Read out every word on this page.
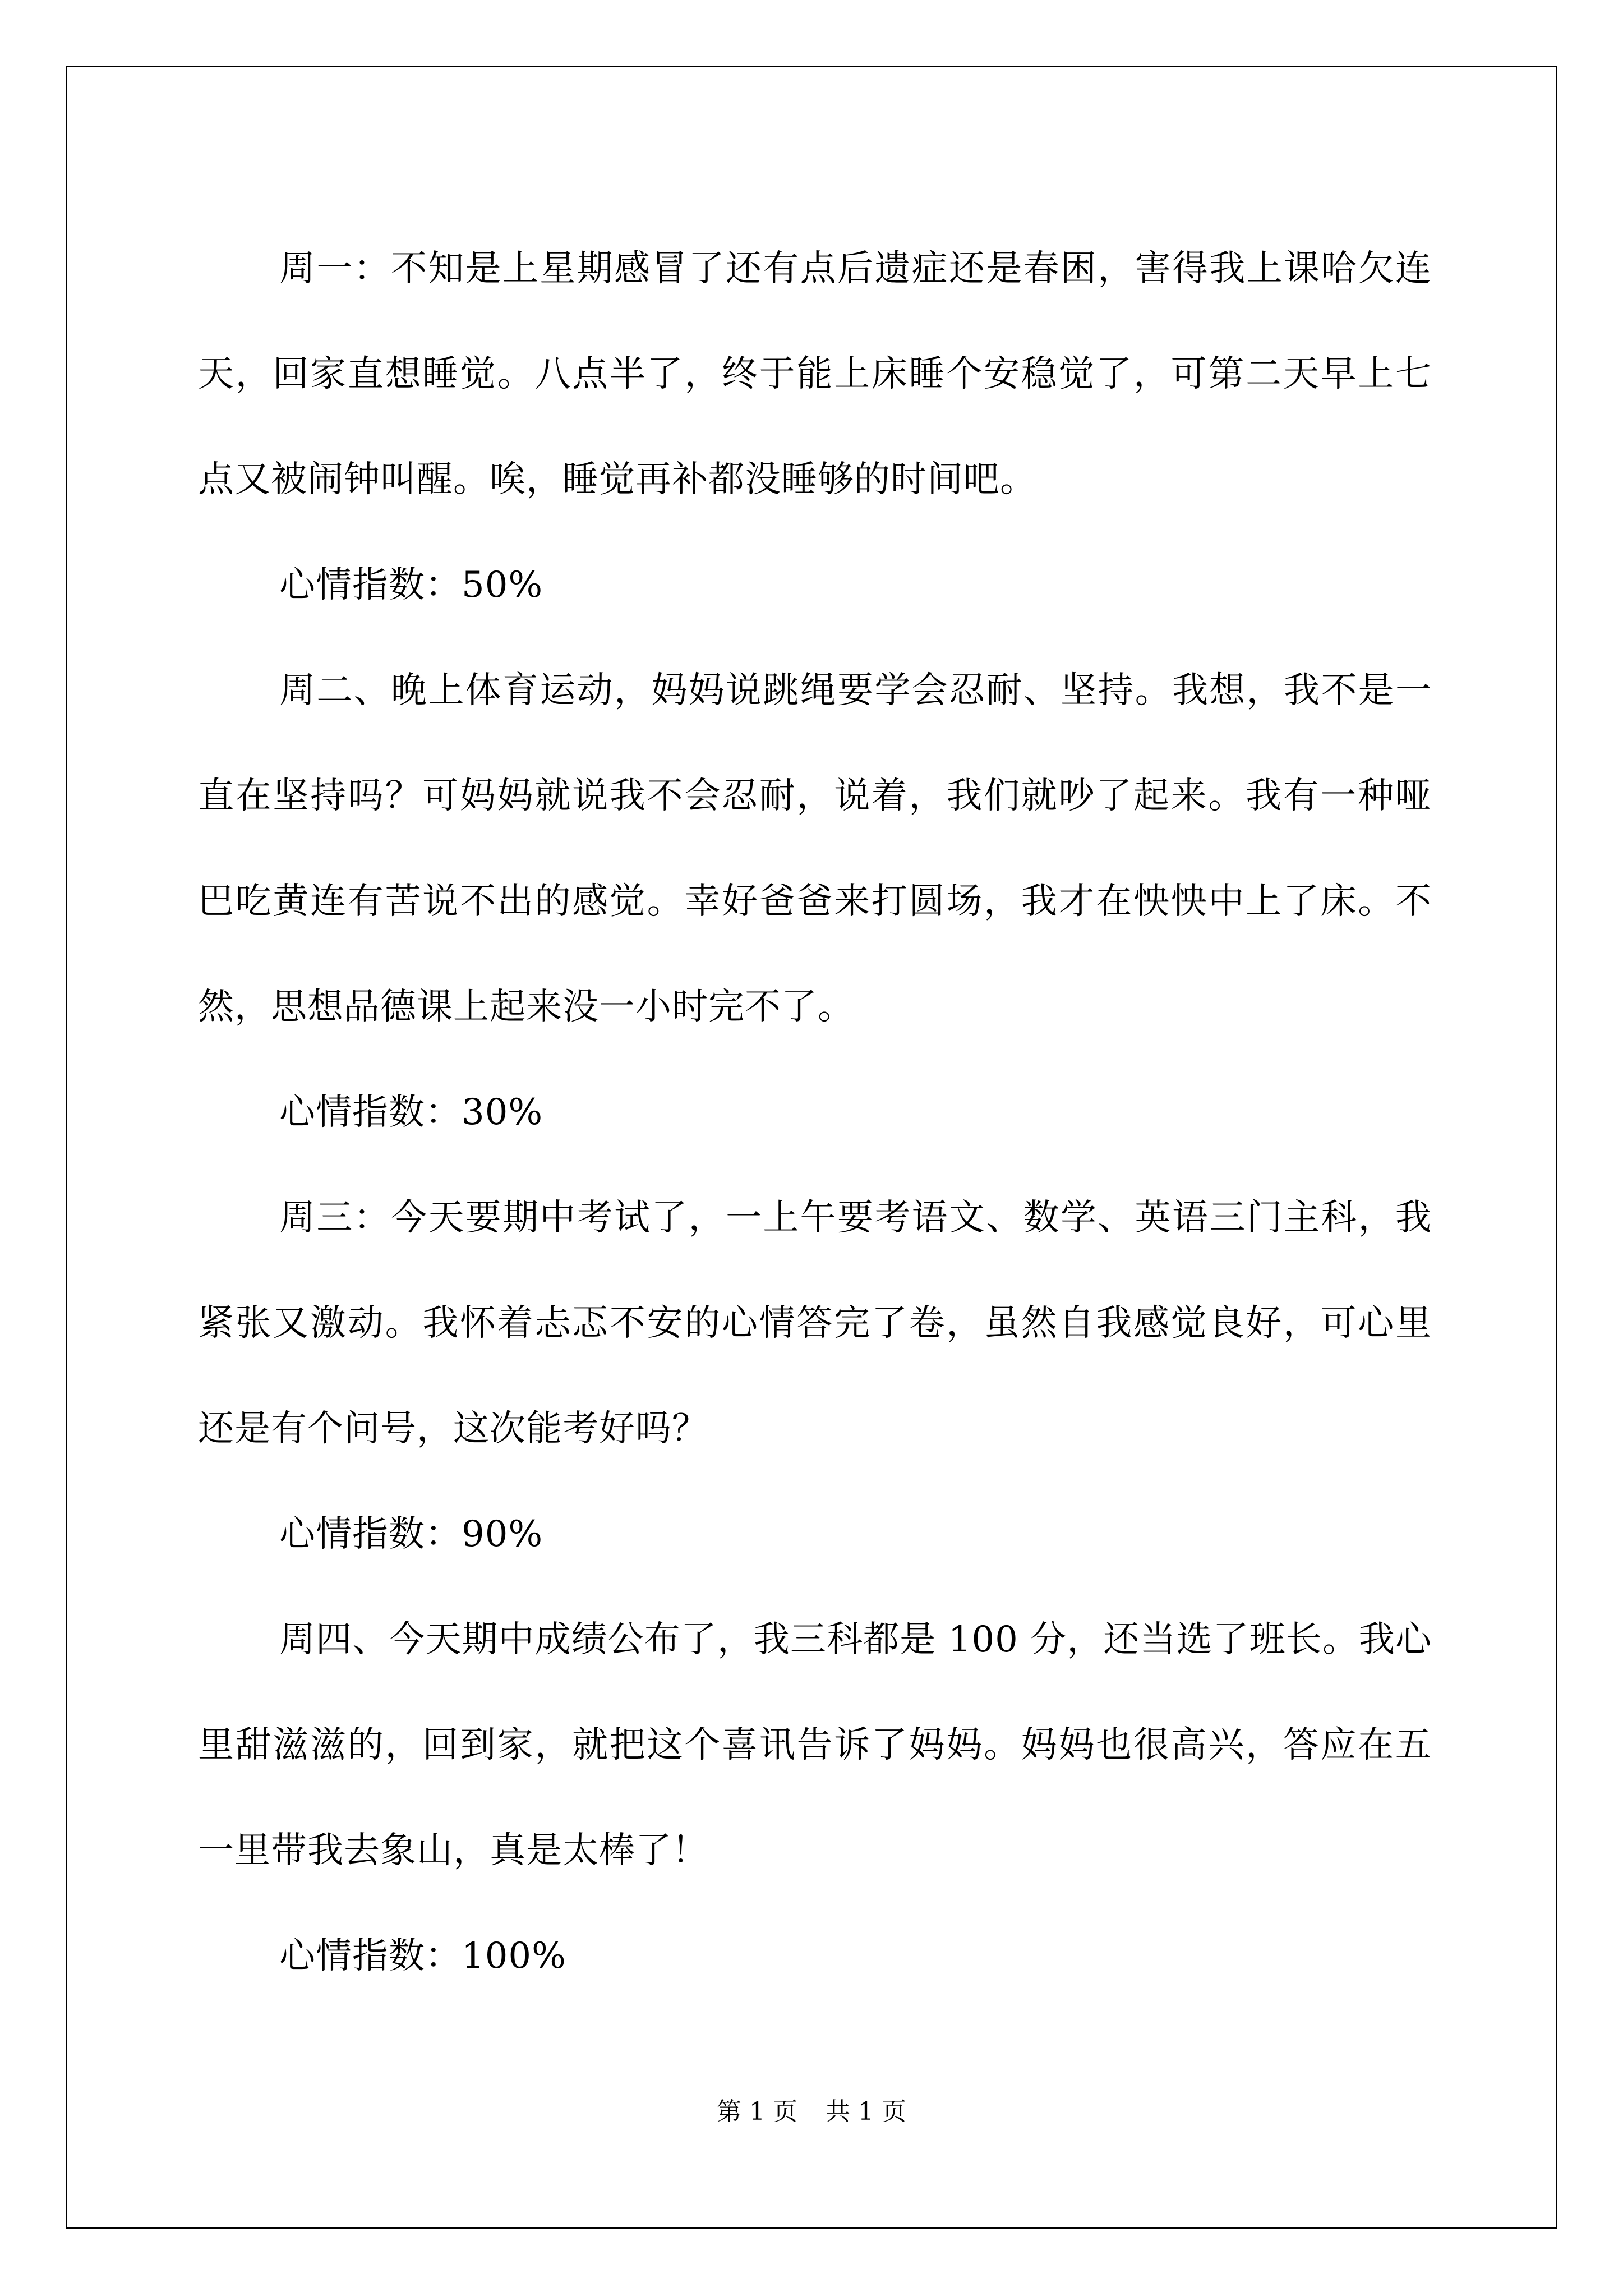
周一：不知是上星期感冒了还有点后遗症还是春困，害得我上课哈欠连天，回家直想睡觉。八点半了，终于能上床睡个安稳觉了，可第二天早上七点又被闹钟叫醒。唉，睡觉再补都没睡够的时间吧。

心情指数：50%

周二、晚上体育运动，妈妈说跳绳要学会忍耐、坚持。我想，我不是一直在坚持吗？可妈妈就说我不会忍耐，说着，我们就吵了起来。我有一种哑巴吃黄连有苦说不出的感觉。幸好爸爸来打圆场，我才在怏怏中上了床。不然，思想品德课上起来没一小时完不了。

心情指数：30%

周三：今天要期中考试了，一上午要考语文、数学、英语三门主科，我紧张又激动。我怀着忐忑不安的心情答完了卷，虽然自我感觉良好，可心里还是有个问号，这次能考好吗？

心情指数：90%

周四、今天期中成绩公布了，我三科都是 100 分，还当选了班长。我心里甜滋滋的，回到家，就把这个喜讯告诉了妈妈。妈妈也很高兴，答应在五一里带我去象山，真是太棒了！

心情指数：100%

第 1 页 共 1 页
